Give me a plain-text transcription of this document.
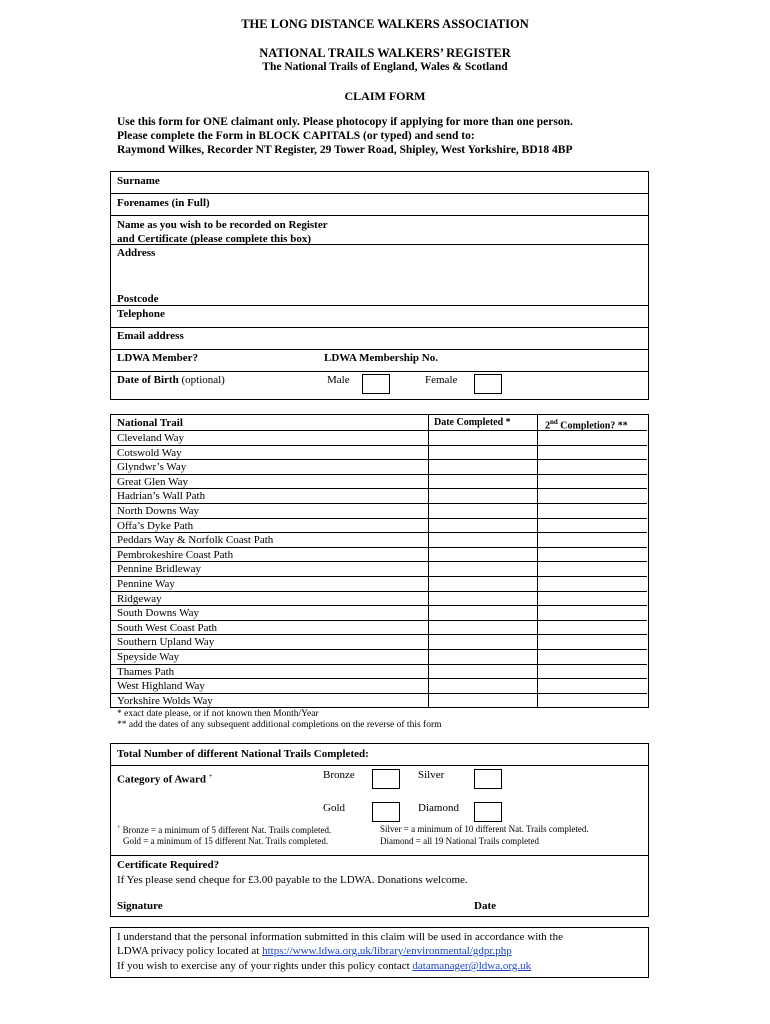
THE LONG DISTANCE WALKERS ASSOCIATION
NATIONAL TRAILS WALKERS’ REGISTER
The National Trails of England, Wales & Scotland
CLAIM FORM
Use this form for ONE claimant only. Please photocopy if applying for more than one person.
Please complete the Form in BLOCK CAPITALS (or typed) and send to:
Raymond Wilkes, Recorder NT Register, 29 Tower Road, Shipley, West Yorkshire, BD18 4BP
Surname
Forenames (in Full)
Name as you wish to be recorded on Register
and Certificate (please complete this box)
Address
Postcode
Telephone
Email address
LDWA Member?	LDWA Membership No.
Date of Birth (optional)	Male	Female
National Trail	Date Completed *	2nd Completion? **
Cleveland Way
Cotswold Way
Glyndwr’s Way
Great Glen Way
Hadrian’s Wall Path
North Downs Way
Offa’s Dyke Path
Peddars Way & Norfolk Coast Path
Pembrokeshire Coast Path
Pennine Bridleway
Pennine Way
Ridgeway
South Downs Way
South West Coast Path
Southern Upland Way
Speyside Way
Thames Path
West Highland Way
Yorkshire Wolds Way
* exact date please, or if not known then Month/Year
** add the dates of any subsequent additional completions on the reverse of this form
Total Number of different National Trails Completed:
Category of Award +	Bronze	Silver
Gold	Diamond
+ Bronze = a minimum of 5 different Nat. Trails completed.
Gold = a minimum of 15 different Nat. Trails completed.
Silver = a minimum of 10 different Nat. Trails completed.
Diamond = all 19 National Trails completed
Certificate Required?
If Yes please send cheque for £3.00 payable to the LDWA. Donations welcome.
Signature	Date
I understand that the personal information submitted in this claim will be used in accordance with the
LDWA privacy policy located at https://www.ldwa.org.uk/library/environmental/gdpr.php
If you wish to exercise any of your rights under this policy contact datamanager@ldwa.org.uk
